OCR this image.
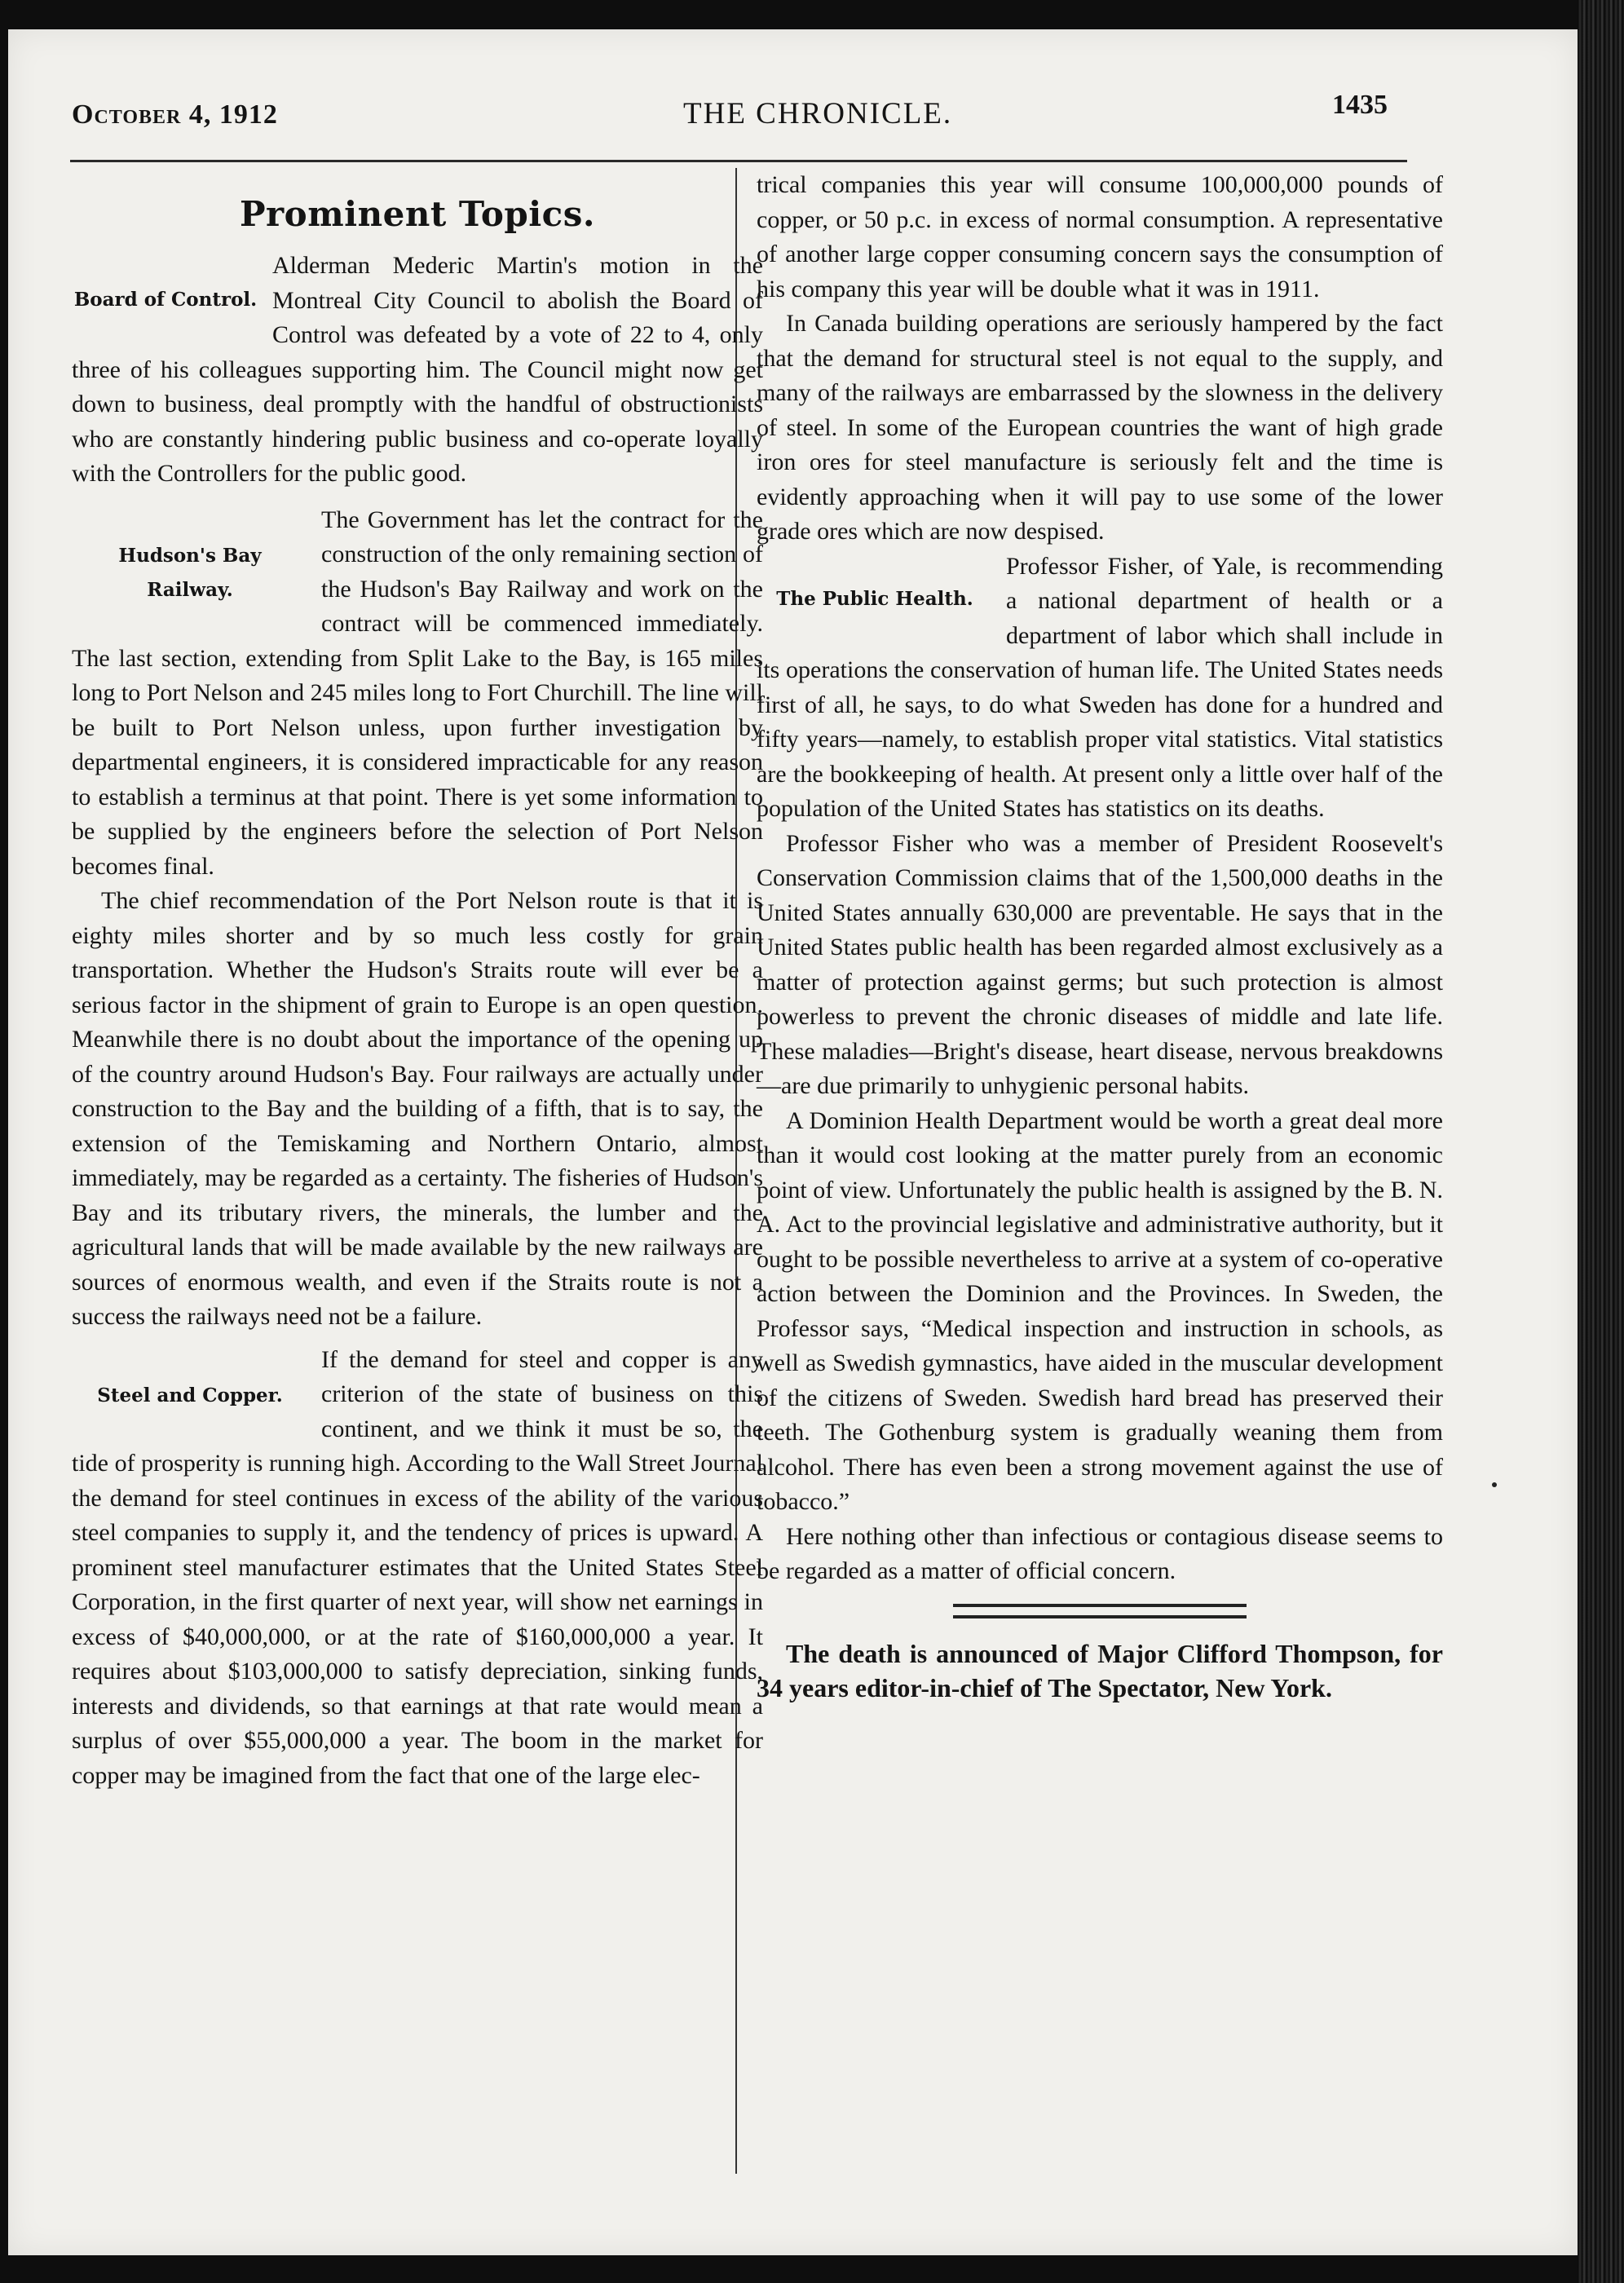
October 4, 1912	THE CHRONICLE.	1435
Prominent Topics.
Board of Control.

Alderman Mederic Martin's motion in the Montreal City Council to abolish the Board of Control was defeated by a vote of 22 to 4, only three of his colleagues supporting him. The Council might now get down to business, deal promptly with the handful of obstructionists who are constantly hindering public business and co-operate loyally with the Controllers for the public good.

Hudson's Bay
Railway.

The Government has let the contract for the construction of the only remaining section of the Hudson's Bay Railway and work on the contract will be commenced immediately. The last section, extending from Split Lake to the Bay, is 165 miles long to Port Nelson and 245 miles long to Fort Churchill. The line will be built to Port Nelson unless, upon further investigation by departmental engineers, it is considered impracticable for any reason to establish a terminus at that point. There is yet some information to be supplied by the engineers before the selection of Port Nelson becomes final.

The chief recommendation of the Port Nelson route is that it is eighty miles shorter and by so much less costly for grain transportation. Whether the Hudson's Straits route will ever be a serious factor in the shipment of grain to Europe is an open question. Meanwhile there is no doubt about the importance of the opening up of the country around Hudson's Bay. Four railways are actually under construction to the Bay and the building of a fifth, that is to say, the extension of the Temiskaming and Northern Ontario, almost immediately, may be regarded as a certainty. The fisheries of Hudson's Bay and its tributary rivers, the minerals, the lumber and the agricultural lands that will be made available by the new railways are sources of enormous wealth, and even if the Straits route is not a success the railways need not be a failure.

Steel and Copper.

If the demand for steel and copper is any criterion of the state of business on this continent, and we think it must be so, the tide of prosperity is running high. According to the Wall Street Journal the demand for steel continues in excess of the ability of the various steel companies to supply it, and the tendency of prices is upward. A prominent steel manufacturer estimates that the United States Steel Corporation, in the first quarter of next year, will show net earnings in excess of $40,000,000, or at the rate of $160,000,000 a year. It requires about $103,000,000 to satisfy depreciation, sinking funds, interests and dividends, so that earnings at that rate would mean a surplus of over $55,000,000 a year. The boom in the market for copper may be imagined from the fact that one of the large elec-

trical companies this year will consume 100,000,000 pounds of copper, or 50 p.c. in excess of normal consumption. A representative of another large copper consuming concern says the consumption of his company this year will be double what it was in 1911.

In Canada building operations are seriously hampered by the fact that the demand for structural steel is not equal to the supply, and many of the railways are embarrassed by the slowness in the delivery of steel. In some of the European countries the want of high grade iron ores for steel manufacture is seriously felt and the time is evidently approaching when it will pay to use some of the lower grade ores which are now despised.

The Public Health.

Professor Fisher, of Yale, is recommending a national department of health or a department of labor which shall include in its operations the conservation of human life. The United States needs first of all, he says, to do what Sweden has done for a hundred and fifty years—namely, to establish proper vital statistics. Vital statistics are the bookkeeping of health. At present only a little over half of the population of the United States has statistics on its deaths.

Professor Fisher who was a member of President Roosevelt's Conservation Commission claims that of the 1,500,000 deaths in the United States annually 630,000 are preventable. He says that in the United States public health has been regarded almost exclusively as a matter of protection against germs; but such protection is almost powerless to prevent the chronic diseases of middle and late life. These maladies—Bright's disease, heart disease, nervous breakdowns—are due primarily to unhygienic personal habits.

A Dominion Health Department would be worth a great deal more than it would cost looking at the matter purely from an economic point of view. Unfortunately the public health is assigned by the B. N. A. Act to the provincial legislative and administrative authority, but it ought to be possible nevertheless to arrive at a system of co-operative action between the Dominion and the Provinces. In Sweden, the Professor says, “Medical inspection and instruction in schools, as well as Swedish gymnastics, have aided in the muscular development of the citizens of Sweden. Swedish hard bread has preserved their teeth. The Gothenburg system is gradually weaning them from alcohol. There has even been a strong movement against the use of tobacco.”

Here nothing other than infectious or contagious disease seems to be regarded as a matter of official concern.

The death is announced of Major Clifford Thompson, for 34 years editor-in-chief of The Spectator, New York.
